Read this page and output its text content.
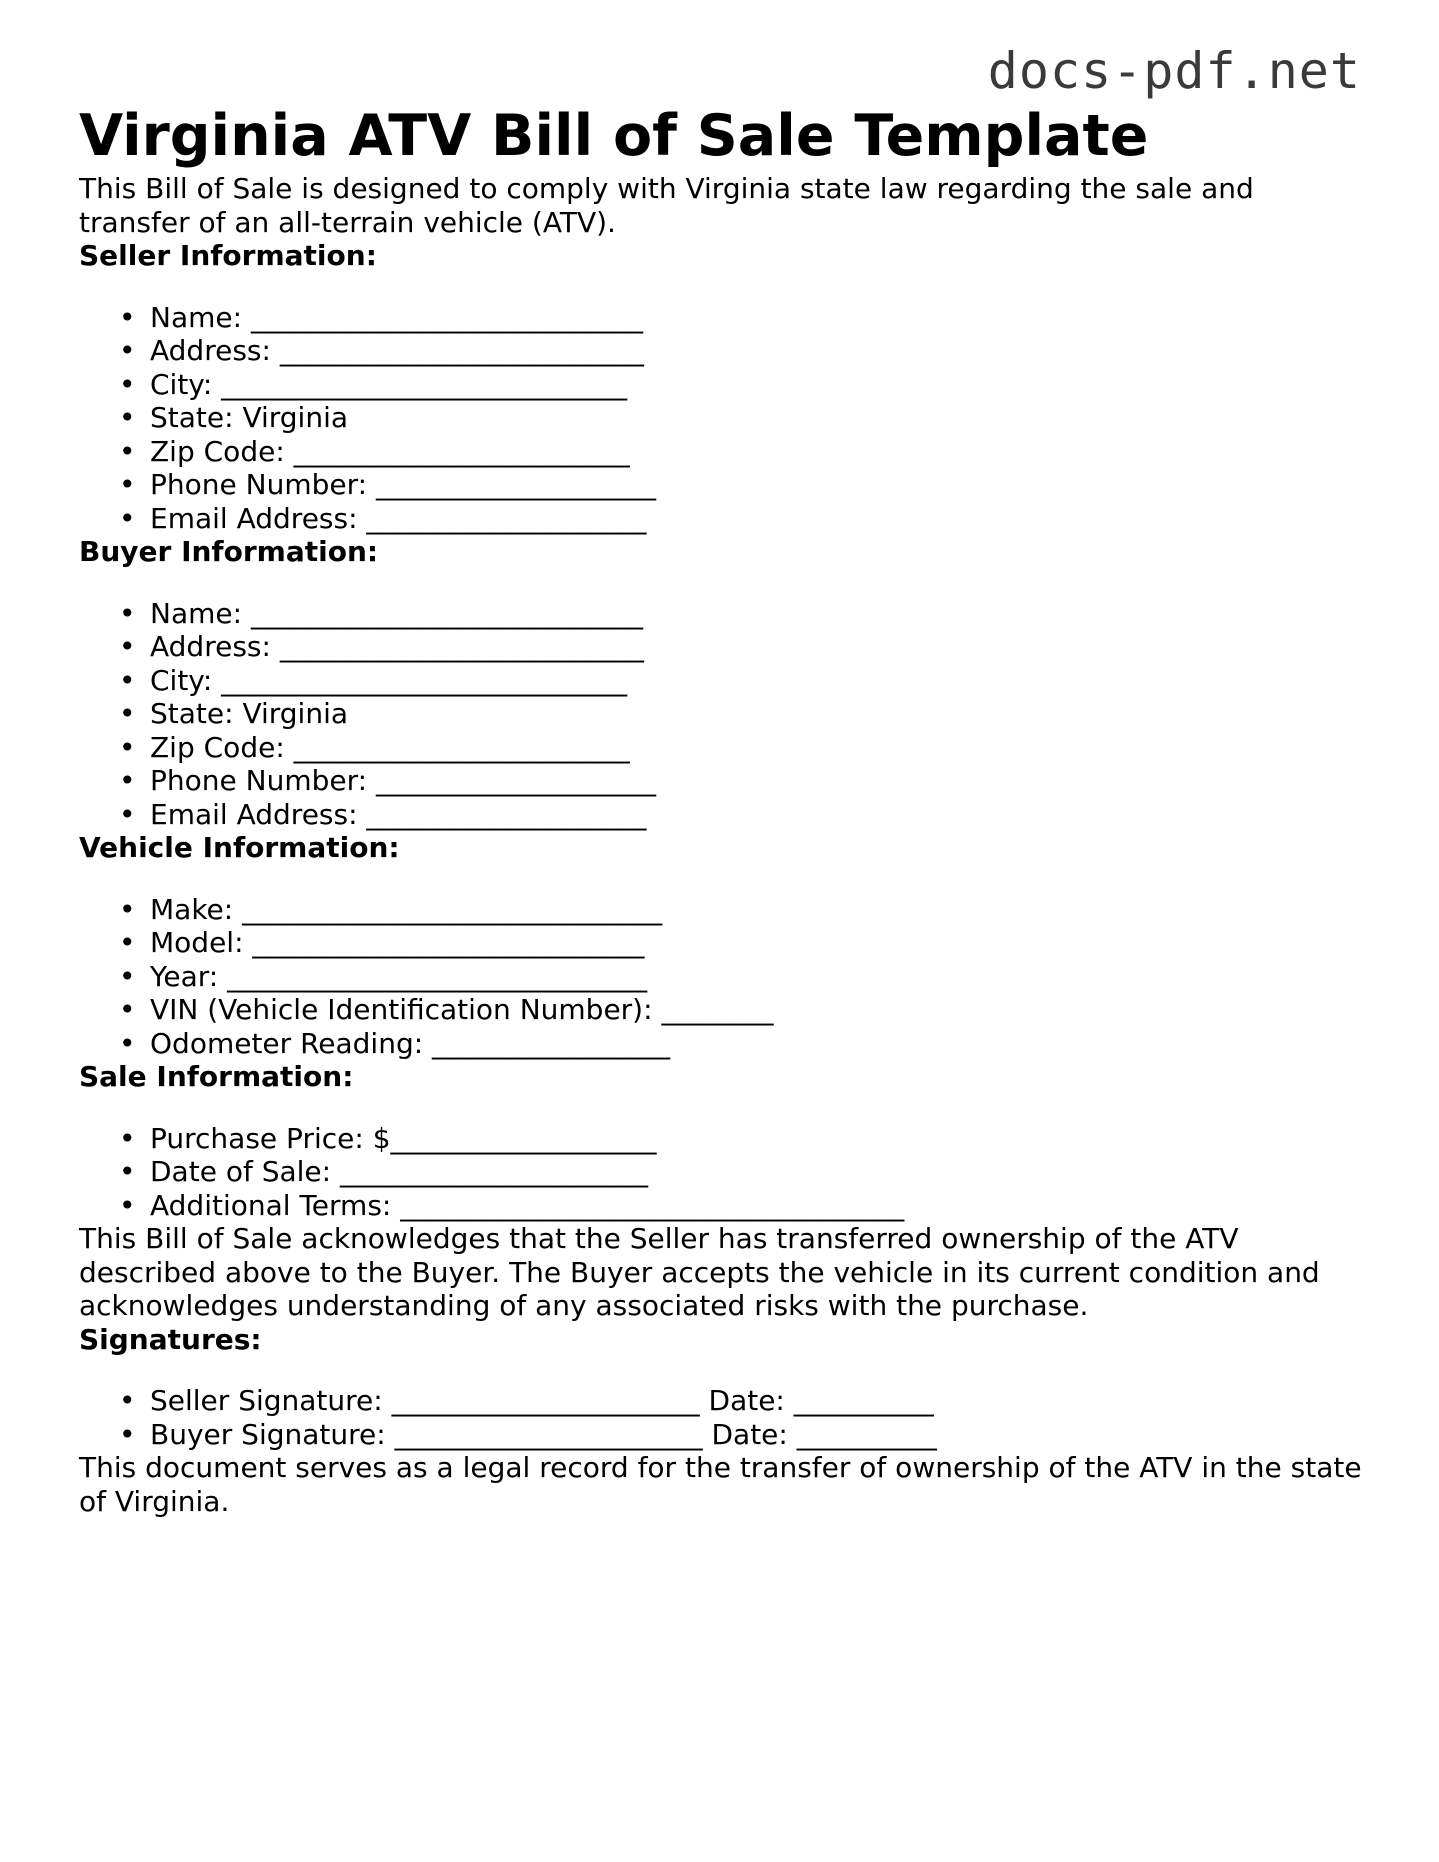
docs-pdf.net
Virginia ATV Bill of Sale Template

This Bill of Sale is designed to comply with Virginia state law regarding the sale and transfer of an all-terrain vehicle (ATV).

Seller Information:
• Name: ____________________________
• Address: __________________________
• City: _____________________________
• State: Virginia
• Zip Code: ________________________
• Phone Number: ____________________
• Email Address: ____________________
Buyer Information:
• Name: ____________________________
• Address: __________________________
• City: _____________________________
• State: Virginia
• Zip Code: ________________________
• Phone Number: ____________________
• Email Address: ____________________
Vehicle Information:
• Make: ______________________________
• Model: ____________________________
• Year: ______________________________
• VIN (Vehicle Identification Number): ________
• Odometer Reading: _________________
Sale Information:
• Purchase Price: $___________________
• Date of Sale: ______________________
• Additional Terms: ____________________________________

This Bill of Sale acknowledges that the Seller has transferred ownership of the ATV described above to the Buyer. The Buyer accepts the vehicle in its current condition and acknowledges understanding of any associated risks with the purchase.

Signatures:
• Seller Signature: ______________________ Date: __________
• Buyer Signature: ______________________ Date: __________

This document serves as a legal record for the transfer of ownership of the ATV in the state of Virginia.
